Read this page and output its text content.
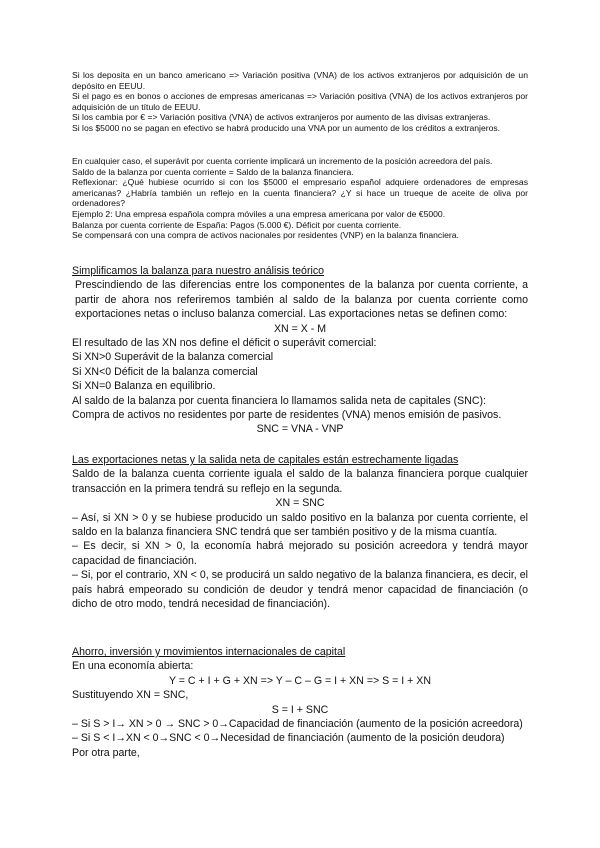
Si los deposita en un banco americano => Variación positiva (VNA) de los activos extranjeros por adquisición de un depósito en EEUU.

Si el pago es en bonos o acciones de empresas americanas => Variación positiva (VNA) de los activos extranjeros por adquisición de un título de EEUU.

Si los cambia por € => Variación positiva (VNA) de activos extranjeros por aumento de las divisas extranjeras.

Si los $5000 no se pagan en efectivo se habrá producido una VNA por un aumento de los créditos a extranjeros.

En cualquier caso, el superávit por cuenta corriente implicará un incremento de la posición acreedora del país.

Saldo de la balanza por cuenta corriente = Saldo de la balanza financiera.

Reflexionar: ¿Qué hubiese ocurrido si con los $5000 el empresario español adquiere ordenadores de empresas americanas? ¿Habría también un reflejo en la cuenta financiera? ¿Y si hace un trueque de aceite de oliva por ordenadores?

Ejemplo 2: Una empresa española compra móviles a una empresa americana por valor de €5000.

Balanza por cuenta corriente de España: Pagos (5.000 €). Déficit por cuenta corriente.

Se compensará con una compra de activos nacionales por residentes (VNP) en la balanza financiera.

Simplificamos la balanza para nuestro análisis teórico

Prescindiendo de las diferencias entre los componentes de la balanza por cuenta corriente, a partir de ahora nos referiremos también al saldo de la balanza por cuenta corriente como exportaciones netas o incluso balanza comercial. Las exportaciones netas se definen como:

XN = X - M

El resultado de las XN nos define el déficit o superávit comercial:

Si XN>0 Superávit de la balanza comercial

Si XN<0 Déficit de la balanza comercial

Si XN=0 Balanza en equilibrio.

Al saldo de la balanza por cuenta financiera lo llamamos salida neta de capitales (SNC):

Compra de activos no residentes por parte de residentes (VNA) menos emisión de pasivos.

SNC = VNA - VNP

Las exportaciones netas y la salida neta de capitales están estrechamente ligadas

Saldo de la balanza cuenta corriente iguala el saldo de la balanza financiera porque cualquier transacción en la primera tendrá su reflejo en la segunda.

XN = SNC

– Así, si XN > 0 y se hubiese producido un saldo positivo en la balanza por cuenta corriente, el saldo en la balanza financiera SNC tendrá que ser también positivo y de la misma cuantía.

– Es decir, si XN > 0, la economía habrá mejorado su posición acreedora y tendrá mayor capacidad de financiación.

– Si, por el contrario, XN < 0, se producirá un saldo negativo de la balanza financiera, es decir, el país habrá empeorado su condición de deudor y tendrá menor capacidad de financiación (o dicho de otro modo, tendrá necesidad de financiación).

Ahorro, inversión y movimientos internacionales de capital

En una economía abierta:

Y = C + I + G + XN => Y – C – G = I + XN => S = I + XN

Sustituyendo XN = SNC,

S = I + SNC

– Si S > I→ XN > 0 → SNC > 0→Capacidad de financiación (aumento de la posición acreedora)

– Si S < I→XN < 0→SNC < 0→Necesidad de financiación (aumento de la posición deudora)

Por otra parte,
